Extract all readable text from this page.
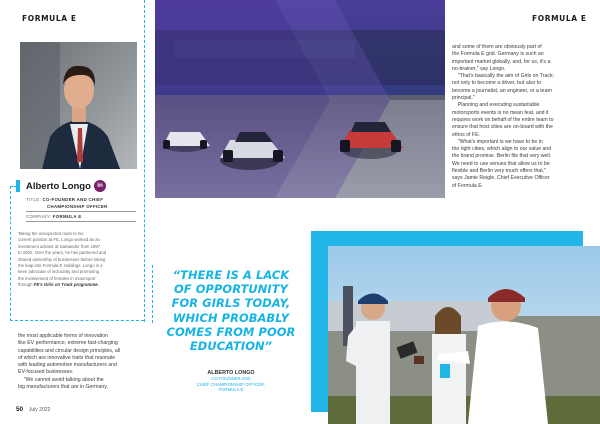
FORMULA E	FORMULA E
Alberto Longo	in
TITLE: CO-FOUNDER AND CHIEF
CHAMPIONSHIP OFFICER
COMPANY: FORMULA E
Taking the unexpected route to his
current position at FE, Longo worked as an
investment advisor at Santander from 1997
to 2002. Over the years, he has partnered and
shared ownership of businesses before taking
the leap into Formula E Holdings. Longo is a
keen advocate of inclusivity and promoting
the involvement of females in motorsport
through FE's Girls on Track programme.
the most applicable forms of innovation
like EV performance, extreme fast-charging
capabilities and circular design principles, all
of which are innovative traits that resonate
with leading automotive manufacturers and
EV-focused businesses.
"We cannot avoid talking about the
big manufacturers that are in Germany,
50 July 2022
and some of them are obviously part of
the Formula E grid. Germany is such an
important market globally, and, for us, it's a
no-brainer," say Longo.
"That's basically the aim of Girls on Track:
not only to become a driver, but also to
become a journalist, an engineer, or a team
principal."
Planning and executing sustainable
motorsports events is no mean feat, and it
requires work on behalf of the entire team to
ensure that host cities are on-board with the
ethos of FE.
"What's important is we have to be in
the right cities, which align to our value and
the brand promise. Berlin fits that very well.
We need to use venues that allow us to be
flexible and Berlin very much offers that,"
says Jamie Reigle, Chief Executive Officer
of Formula E.
“THERE IS A LACK
OF OPPORTUNITY
FOR GIRLS TODAY,
WHICH PROBABLY
COMES FROM POOR
EDUCATION”
ALBERTO LONGO
CO-FOUNDER AND
CHIEF CHAMPIONSHIP OFFICER,
FORMULA E
